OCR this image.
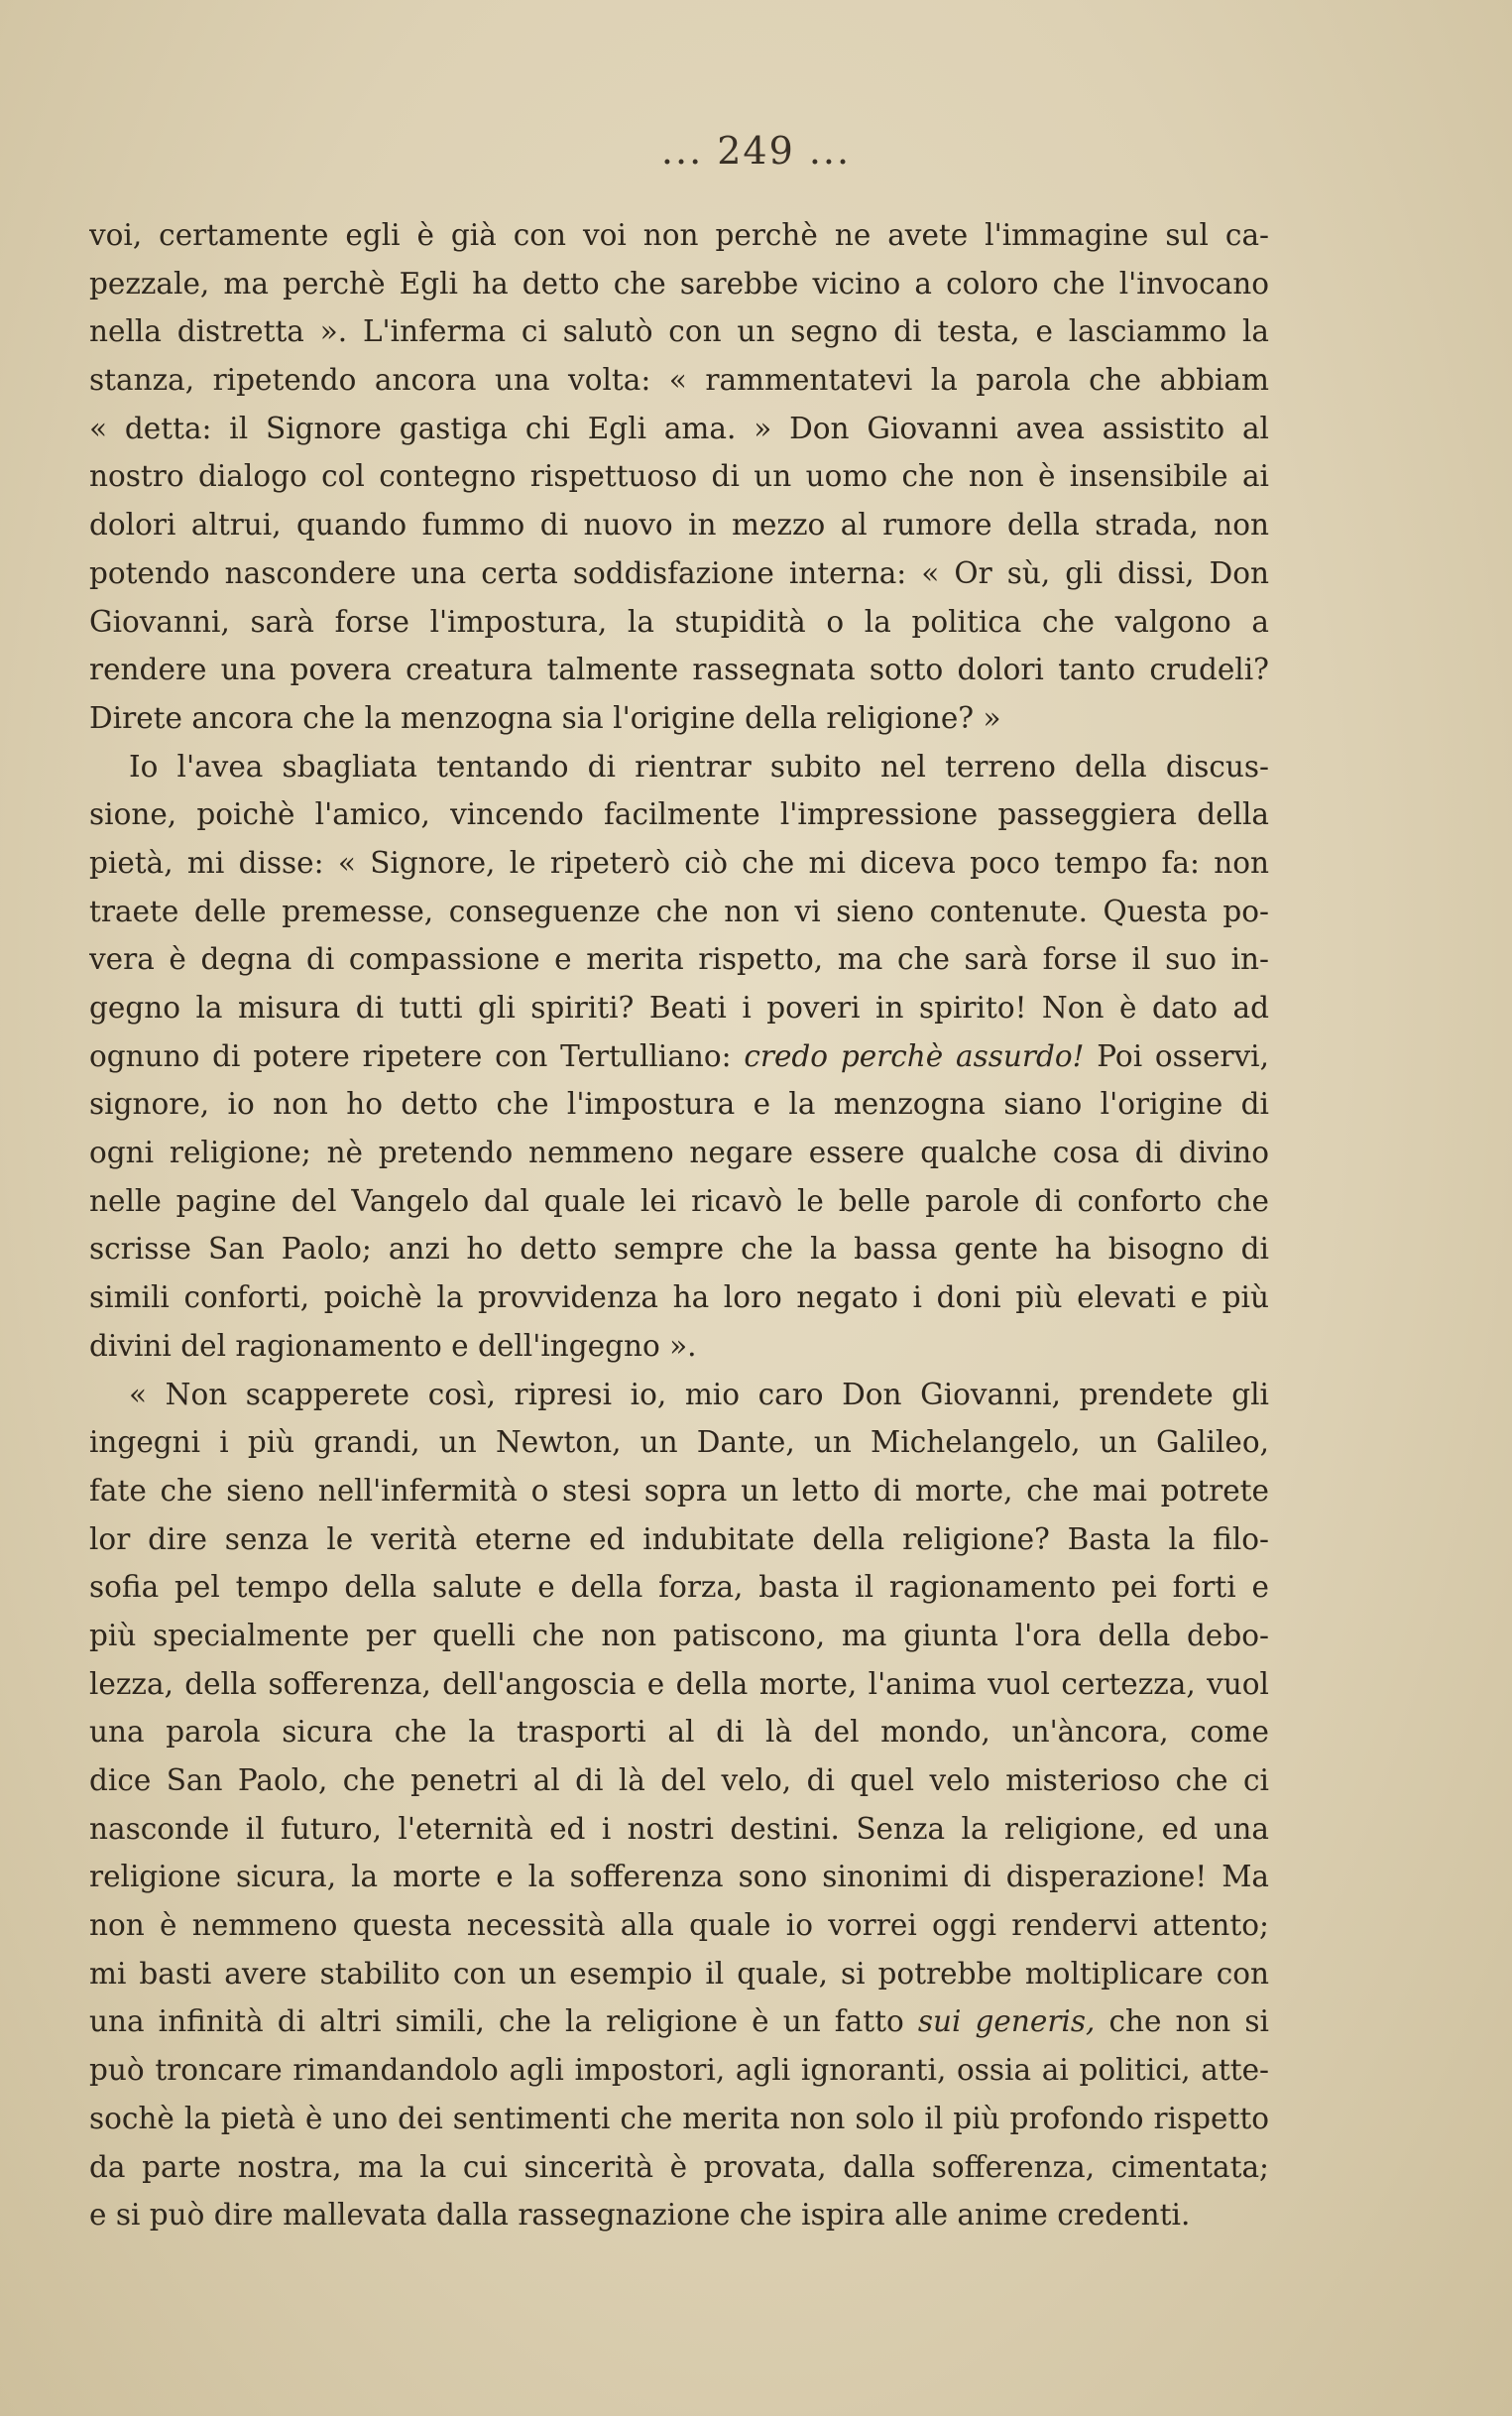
... 249 ...
voi, certamente egli è già con voi non perchè ne avete l'immagine sul ca-
pezzale, ma perchè Egli ha detto che sarebbe vicino a coloro che l'invocano
nella distretta ». L'inferma ci salutò con un segno di testa, e lasciammo la
stanza, ripetendo ancora una volta: « rammentatevi la parola che abbiam
« detta: il Signore gastiga chi Egli ama. » Don Giovanni avea assistito al
nostro dialogo col contegno rispettuoso di un uomo che non è insensibile ai
dolori altrui, quando fummo di nuovo in mezzo al rumore della strada, non
potendo nascondere una certa soddisfazione interna: « Or sù, gli dissi, Don
Giovanni, sarà forse l'impostura, la stupidità o la politica che valgono a
rendere una povera creatura talmente rassegnata sotto dolori tanto crudeli?
Direte ancora che la menzogna sia l'origine della religione? »
Io l'avea sbagliata tentando di rientrar subito nel terreno della discus-
sione, poichè l'amico, vincendo facilmente l'impressione passeggiera della
pietà, mi disse: « Signore, le ripeterò ciò che mi diceva poco tempo fa: non
traete delle premesse, conseguenze che non vi sieno contenute. Questa po-
vera è degna di compassione e merita rispetto, ma che sarà forse il suo in-
gegno la misura di tutti gli spiriti? Beati i poveri in spirito! Non è dato ad
ognuno di potere ripetere con Tertulliano: credo perchè assurdo! Poi osservi,
signore, io non ho detto che l'impostura e la menzogna siano l'origine di
ogni religione; nè pretendo nemmeno negare essere qualche cosa di divino
nelle pagine del Vangelo dal quale lei ricavò le belle parole di conforto che
scrisse San Paolo; anzi ho detto sempre che la bassa gente ha bisogno di
simili conforti, poichè la provvidenza ha loro negato i doni più elevati e più
divini del ragionamento e dell'ingegno ».
« Non scapperete così, ripresi io, mio caro Don Giovanni, prendete gli
ingegni i più grandi, un Newton, un Dante, un Michelangelo, un Galileo,
fate che sieno nell'infermità o stesi sopra un letto di morte, che mai potrete
lor dire senza le verità eterne ed indubitate della religione? Basta la filo-
sofia pel tempo della salute e della forza, basta il ragionamento pei forti e
più specialmente per quelli che non patiscono, ma giunta l'ora della debo-
lezza, della sofferenza, dell'angoscia e della morte, l'anima vuol certezza, vuol
una parola sicura che la trasporti al di là del mondo, un'àncora, come
dice San Paolo, che penetri al di là del velo, di quel velo misterioso che ci
nasconde il futuro, l'eternità ed i nostri destini. Senza la religione, ed una
religione sicura, la morte e la sofferenza sono sinonimi di disperazione! Ma
non è nemmeno questa necessità alla quale io vorrei oggi rendervi attento;
mi basti avere stabilito con un esempio il quale, si potrebbe moltiplicare con
una infinità di altri simili, che la religione è un fatto sui generis, che non si
può troncare rimandandolo agli impostori, agli ignoranti, ossia ai politici, atte-
sochè la pietà è uno dei sentimenti che merita non solo il più profondo rispetto
da parte nostra, ma la cui sincerità è provata, dalla sofferenza, cimentata;
e si può dire mallevata dalla rassegnazione che ispira alle anime credenti.
